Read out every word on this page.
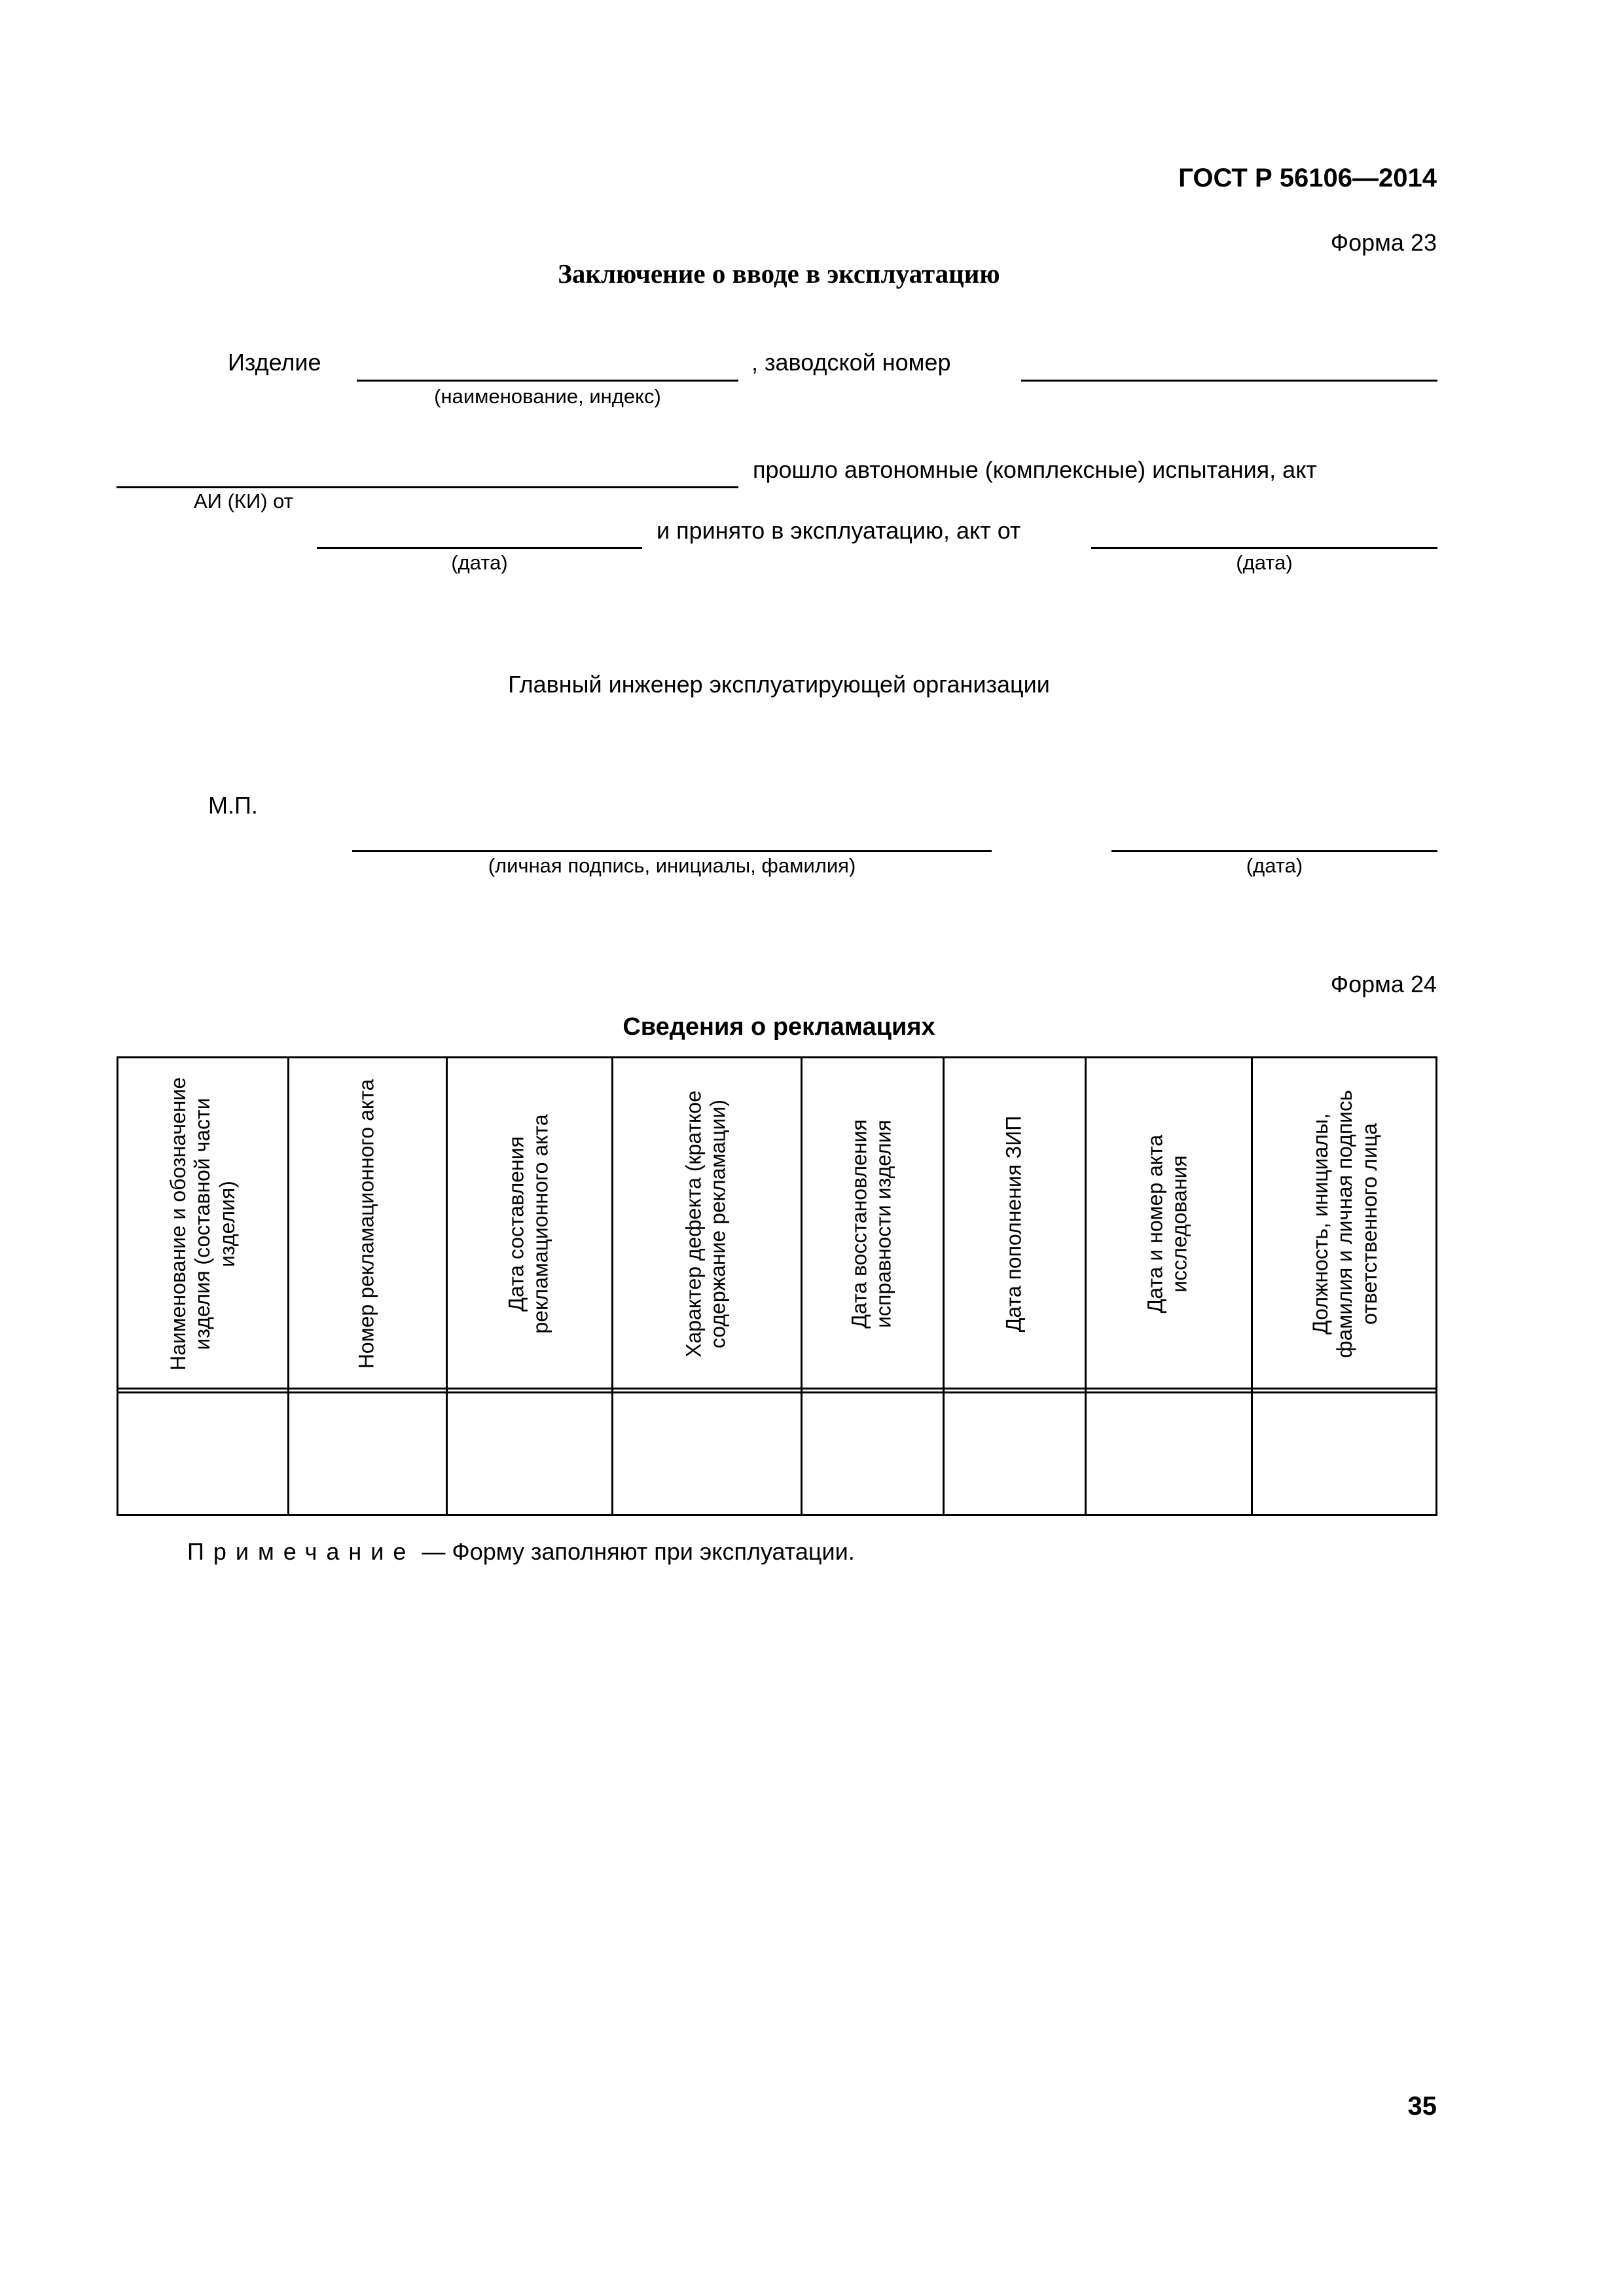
ГОСТ Р 56106—2014
Форма 23
Заключение о вводе в эксплуатацию
Изделие	, заводской номер
(наименование, индекс)
прошло автономные (комплексные) испытания, акт
АИ (КИ) от
и принято в эксплуатацию, акт от
(дата)	(дата)
Главный инженер эксплуатирующей организации
М.П.
(личная подпись, инициалы, фамилия)	(дата)
Форма 24
Сведения о рекламациях
Наименование и обозначение изделия (составной части изделия)	Номер рекламационного акта	Дата составления рекламационного акта	Характер дефекта (краткое содержание рекламации)	Дата восстановления исправности изделия	Дата пополнения ЗИП	Дата и номер акта исследования	Должность, инициалы, фамилия и личная подпись ответственного лица
Примечание — Форму заполняют при эксплуатации.
35
